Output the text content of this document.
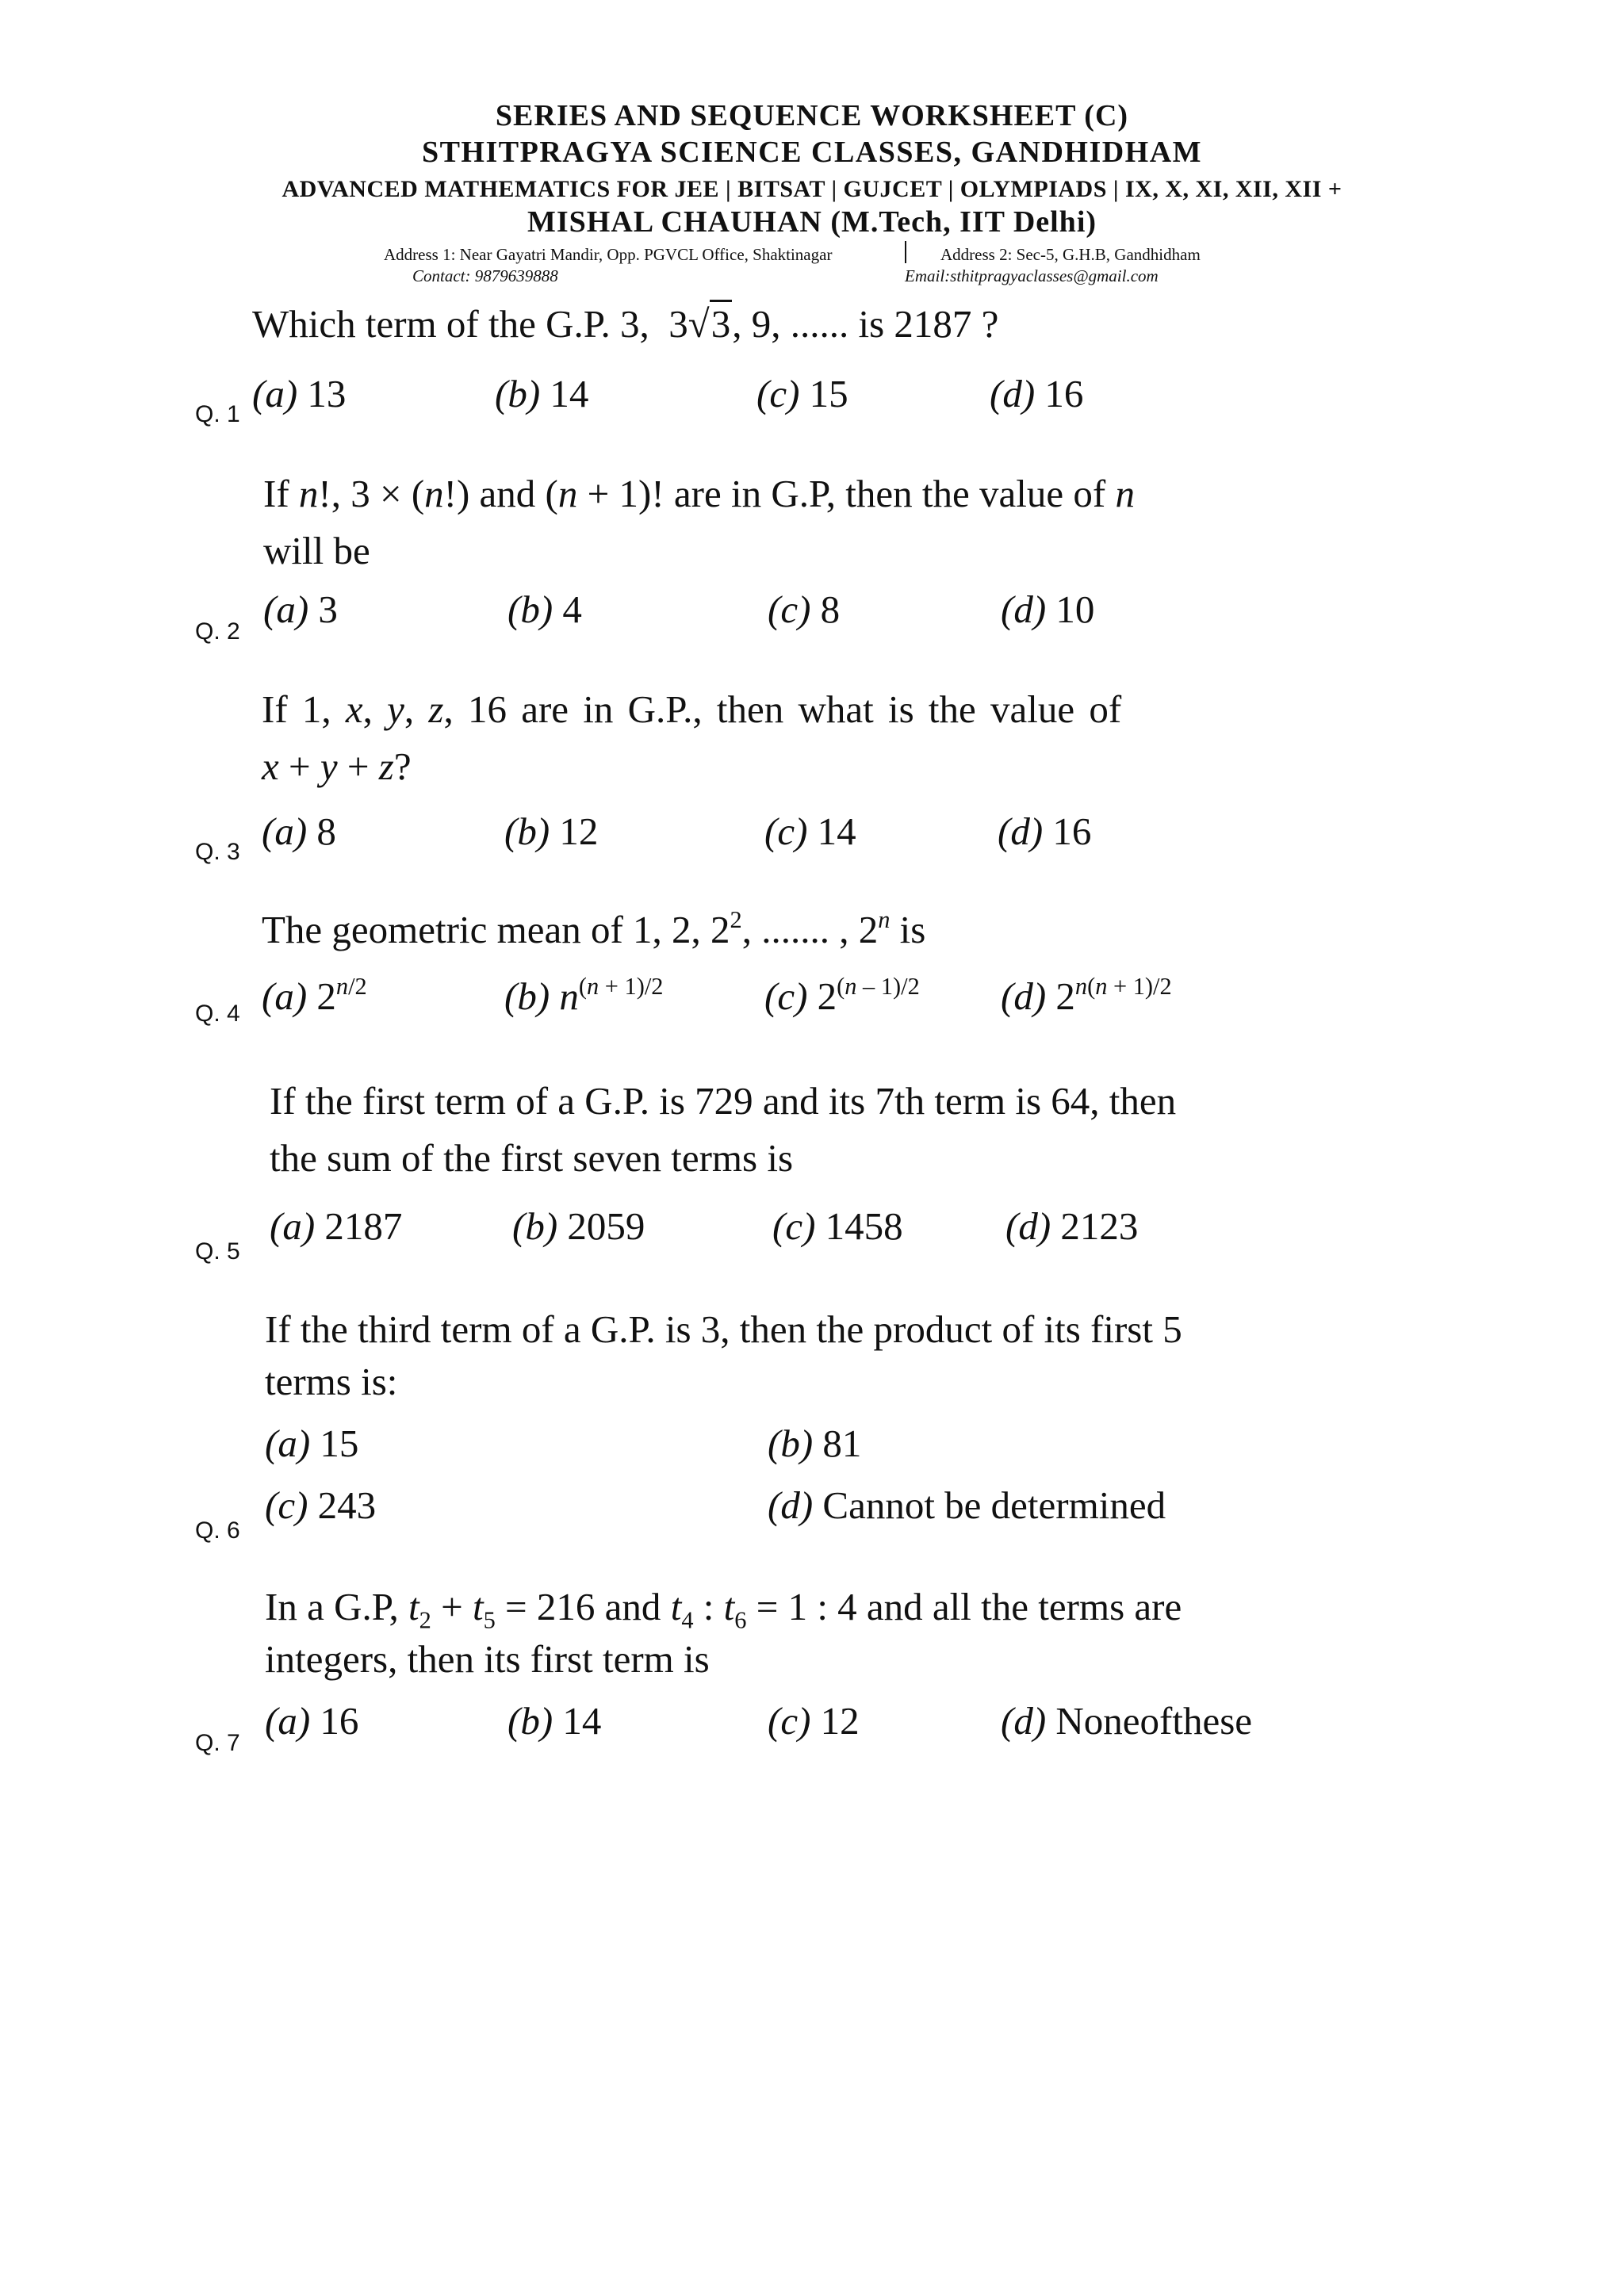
SERIES AND SEQUENCE WORKSHEET (C)
STHITPRAGYA SCIENCE CLASSES, GANDHIDHAM
ADVANCED MATHEMATICS FOR JEE | BITSAT | GUJCET | OLYMPIADS | IX, X, XI, XII, XII +
MISHAL CHAUHAN (M.Tech, IIT Delhi)
Address 1: Near Gayatri Mandir, Opp. PGVCL Office, Shaktinagar	Address 2: Sec-5, G.H.B, Gandhidham
Contact: 9879639888	Email:sthitpragyaclasses@gmail.com
Which term of the G.P. 3,  3√3, 9, ...... is 2187 ?
(a) 13	(b) 14	(c) 15	(d) 16
Q. 1
If n!, 3 × (n!) and (n + 1)! are in G.P, then the value of n
will be
(a) 3	(b) 4	(c) 8	(d) 10
Q. 2
If 1, x, y, z, 16 are in G.P., then what is the value of
x + y + z?
(a) 8	(b) 12	(c) 14	(d) 16
Q. 3
The geometric mean of 1, 2, $2^2$, ....... , 2$^n$ is
(a) $2^{n/2}$	(b) $n^{(n + 1)/2}$	(c) $2^{(n - 1)/2}$ (d) $2^{n(n + 1)/2}$
Q. 4
If the first term of a G.P. is 729 and its 7th term is 64, then
the sum of the first seven terms is
(a) 2187	(b) 2059	(c) 1458	(d) 2123
Q. 5
If the third term of a G.P. is 3, then the product of its first 5
terms is:
(a) 15	(b) 81
(c) 243	(d) Cannot be determined
Q. 6
In a G.P, $t_2 + t_5 = 216$ and $t_4$ : $t_6 = 1$ : 4 and all the terms are
integers, then its first term is
(a) 16	(b) 14	(c) 12	(d) Noneofthese
Q. 7
